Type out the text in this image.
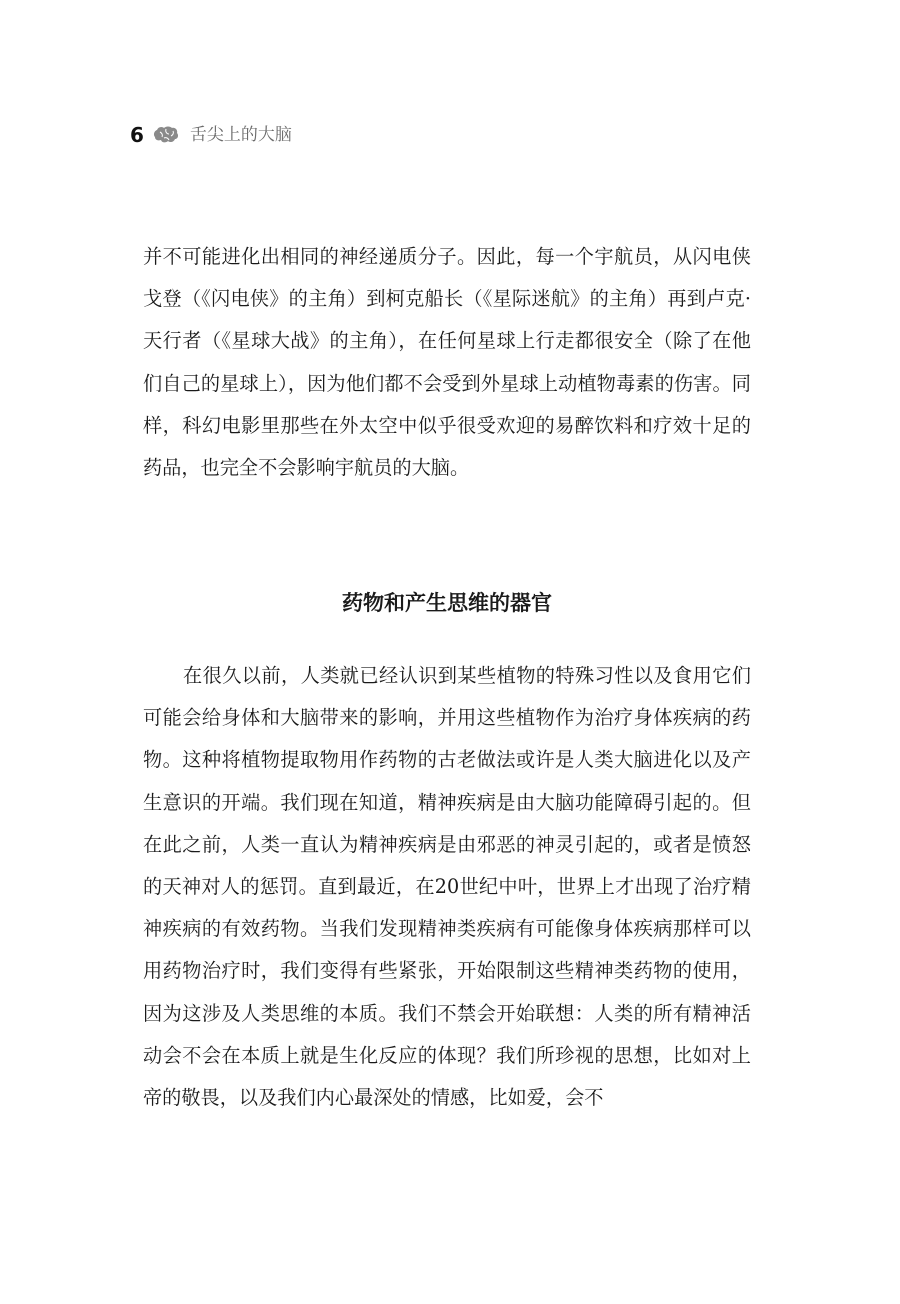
6	舌尖上的大脑

并不可能进化出相同的神经递质分子。因此，每一个宇航员，从闪电侠戈登（《闪电侠》的主角）到柯克船长（《星际迷航》的主角）再到卢克·天行者（《星球大战》的主角），在任何星球上行走都很安全（除了在他们自己的星球上），因为他们都不会受到外星球上动植物毒素的伤害。同样，科幻电影里那些在外太空中似乎很受欢迎的易醉饮料和疗效十足的药品，也完全不会影响宇航员的大脑。

药物和产生思维的器官

在很久以前，人类就已经认识到某些植物的特殊习性以及食用它们可能会给身体和大脑带来的影响，并用这些植物作为治疗身体疾病的药物。这种将植物提取物用作药物的古老做法或许是人类大脑进化以及产生意识的开端。我们现在知道，精神疾病是由大脑功能障碍引起的。但在此之前，人类一直认为精神疾病是由邪恶的神灵引起的，或者是愤怒的天神对人的惩罚。直到最近，在20世纪中叶，世界上才出现了治疗精神疾病的有效药物。当我们发现精神类疾病有可能像身体疾病那样可以用药物治疗时，我们变得有些紧张，开始限制这些精神类药物的使用，因为这涉及人类思维的本质。我们不禁会开始联想：人类的所有精神活动会不会在本质上就是生化反应的体现？我们所珍视的思想，比如对上帝的敬畏，以及我们内心最深处的情感，比如爱，会不
